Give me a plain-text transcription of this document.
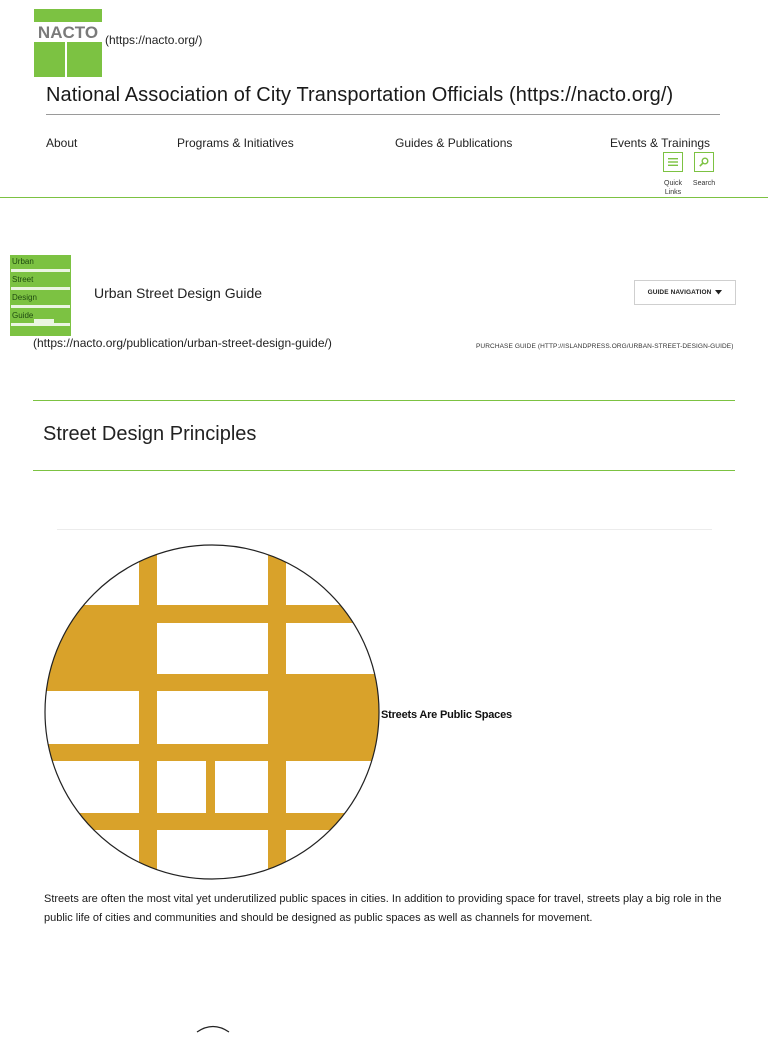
NACTO (https://nacto.org/)
National Association of City Transportation Officials (https://nacto.org/)
About	Programs & Initiatives	Guides & Publications	Events & Trainings
Quick
Links
Search
Urban
Street
Design
Guide
Urban Street Design Guide	GUIDE NAVIGATION
(https://nacto.org/publication/urban-street-design-guide/)	PURCHASE GUIDE (HTTP://ISLANDPRESS.ORG/URBAN-STREET-DESIGN-GUIDE)
Street Design Principles
Streets Are Public Spaces
Streets are often the most vital yet underutilized public spaces in cities. In addition to providing space for travel, streets play a big role in the public life of cities and communities and should be designed as public spaces as well as channels for movement.
